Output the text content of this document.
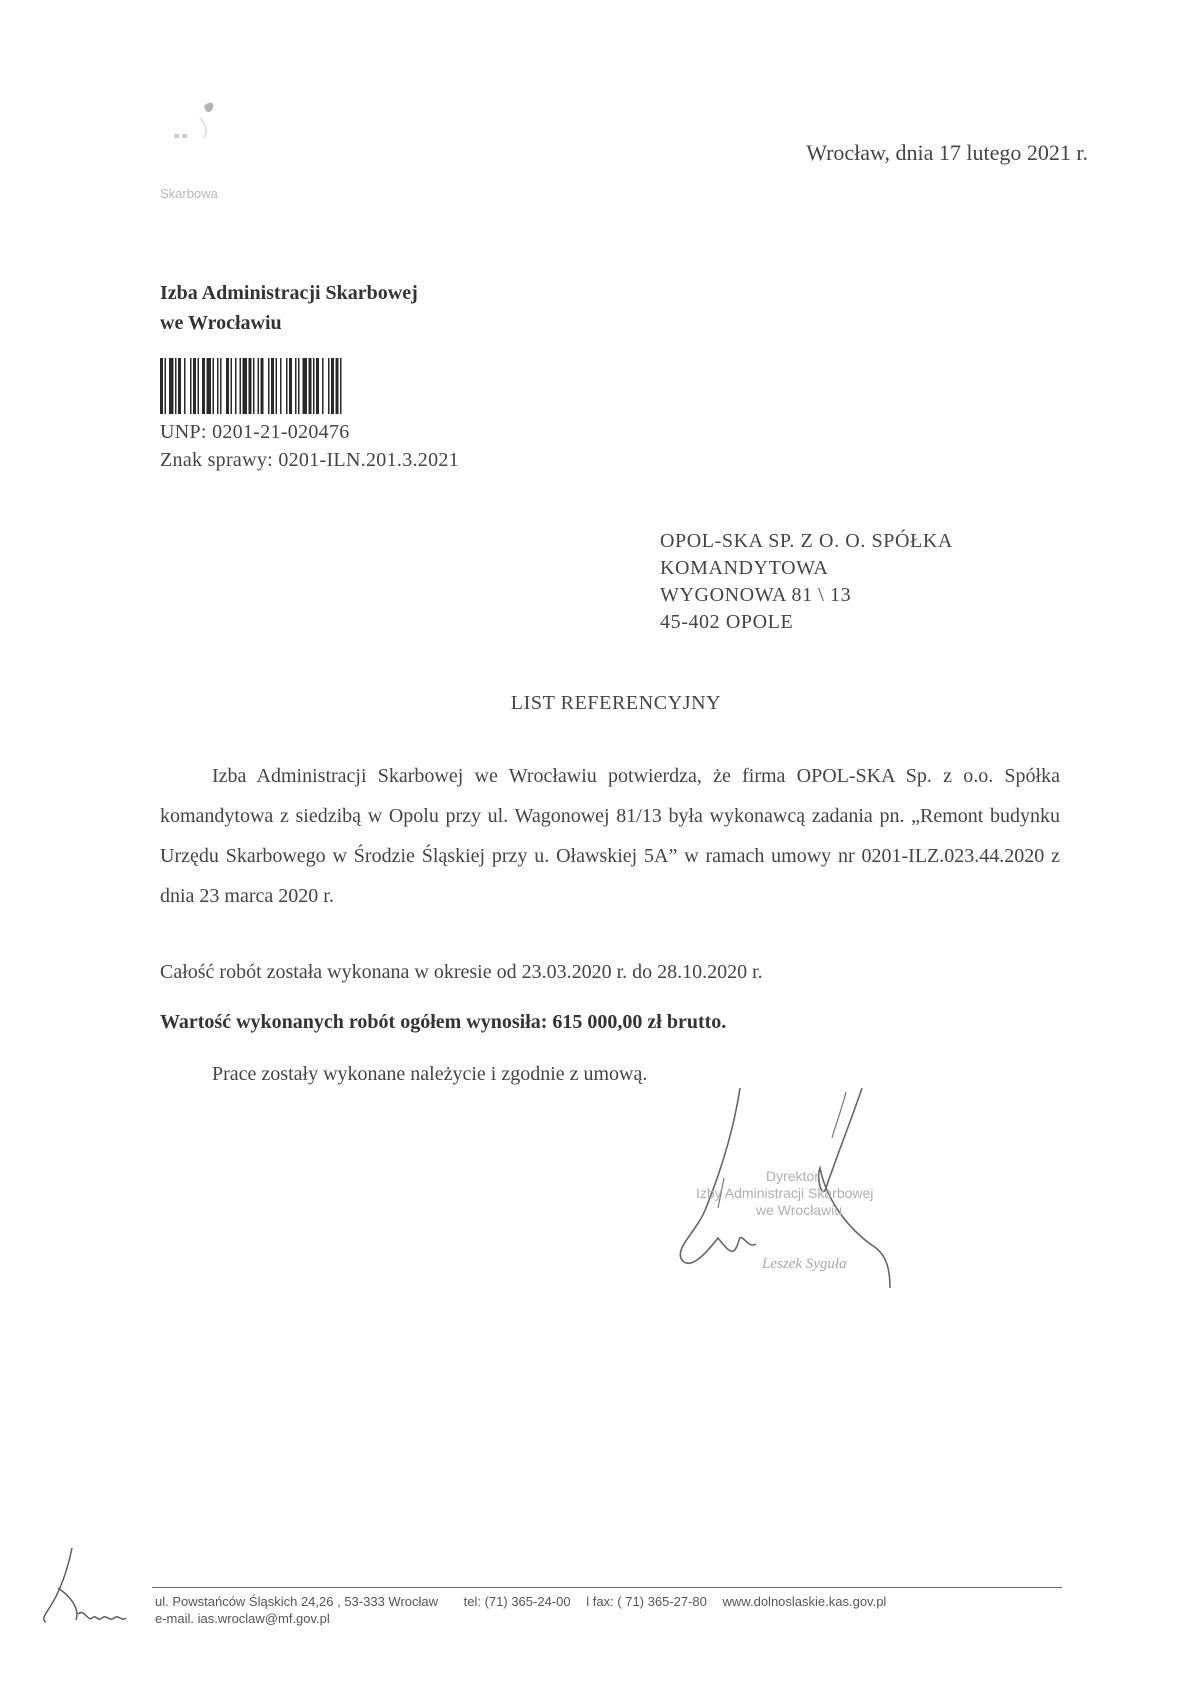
Skarbowa
Wrocław, dnia 17 lutego 2021 r.
Izba Administracji Skarbowej
we Wrocławiu
UNP: 0201-21-020476
Znak sprawy: 0201-ILN.201.3.2021
OPOL-SKA SP. Z O. O. SPÓŁKA
KOMANDYTOWA
WYGONOWA 81 \ 13
45-402 OPOLE
LIST REFERENCYJNY
Izba Administracji Skarbowej we Wrocławiu potwierdza, że firma OPOL-SKA Sp. z o.o. Spółka komandytowa z siedzibą w Opolu przy ul. Wagonowej 81/13 była wykonawcą zadania pn. „Remont budynku Urzędu Skarbowego w Środzie Śląskiej przy u. Oławskiej 5A” w ramach umowy nr 0201-ILZ.023.44.2020 z dnia 23 marca 2020 r.
Całość robót została wykonana w okresie od 23.03.2020 r. do 28.10.2020 r.
Wartość wykonanych robót ogółem wynosiła: 615 000,00 zł brutto.
Prace zostały wykonane należycie i zgodnie z umową.
Dyrektor
Izby Administracji Skarbowej
we Wrocławiu
Leszek Syguła
ul. Powstańców Śląskich 24,26 , 53-333 Wrocław tel: (71) 365-24-00 l fax: ( 71) 365-27-80 www.dolnoslaskie.kas.gov.pl
e-mail. ias.wroclaw@mf.gov.pl
